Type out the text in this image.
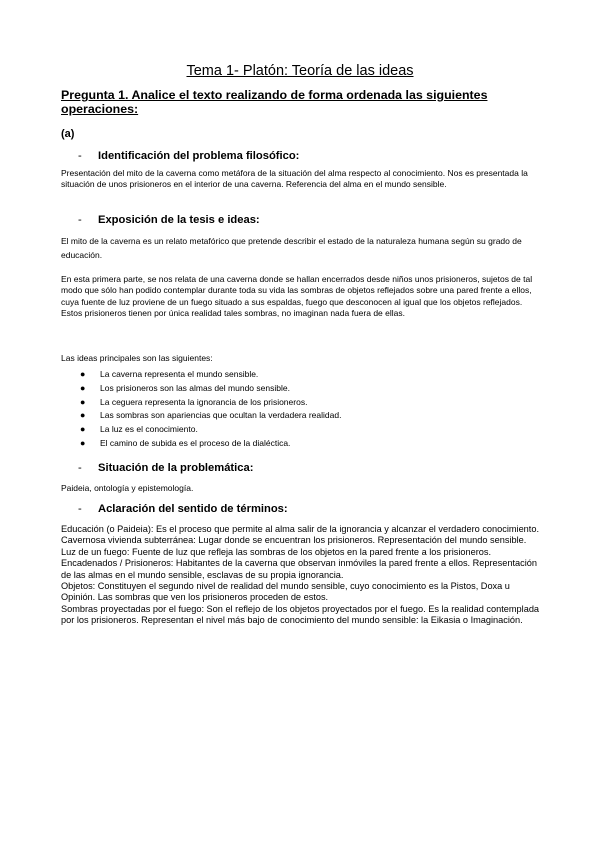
Tema 1- Platón: Teoría de las ideas
Pregunta 1. Analice el texto realizando de forma ordenada las siguientes operaciones:
(a)
- Identificación del problema filosófico:

Presentación del mito de la caverna como metáfora de la situación del alma respecto al conocimiento. Nos es presentada la situación de unos prisioneros en el interior de una caverna. Referencia del alma en el mundo sensible.

- Exposición de la tesis e ideas:

El mito de la caverna es un relato metafórico que pretende describir el estado de la naturaleza humana según su grado de educación.

En esta primera parte, se nos relata de una caverna donde se hallan encerrados desde niños unos prisioneros, sujetos de tal modo que sólo han podido contemplar durante toda su vida las sombras de objetos reflejados sobre una pared frente a ellos, cuya fuente de luz proviene de un fuego situado a sus espaldas, fuego que desconocen al igual que los objetos reflejados.

Estos prisioneros tienen por única realidad tales sombras, no imaginan nada fuera de ellas.

Las ideas principales son las siguientes:

● La caverna representa el mundo sensible.
● Los prisioneros son las almas del mundo sensible.
● La ceguera representa la ignorancia de los prisioneros.
● Las sombras son apariencias que ocultan la verdadera realidad.
● La luz es el conocimiento.
● El camino de subida es el proceso de la dialéctica.
- Situación de la problemática:

Paideia, ontología y epistemología.

- Aclaración del sentido de términos:

Educación (o Paideia): Es el proceso que permite al alma salir de la ignorancia y alcanzar el verdadero conocimiento.

Cavernosa vivienda subterránea: Lugar donde se encuentran los prisioneros. Representación del mundo sensible.

Luz de un fuego: Fuente de luz que refleja las sombras de los objetos en la pared frente a los prisioneros.

Encadenados / Prisioneros: Habitantes de la caverna que observan inmóviles la pared frente a ellos. Representación de las almas en el mundo sensible, esclavas de su propia ignorancia.

Objetos: Constituyen el segundo nivel de realidad del mundo sensible, cuyo conocimiento es la Pistos, Doxa u Opinión. Las sombras que ven los prisioneros proceden de estos.

Sombras proyectadas por el fuego: Son el reflejo de los objetos proyectados por el fuego. Es la realidad contemplada por los prisioneros. Representan el nivel más bajo de conocimiento del mundo sensible: la Eikasia o Imaginación.
